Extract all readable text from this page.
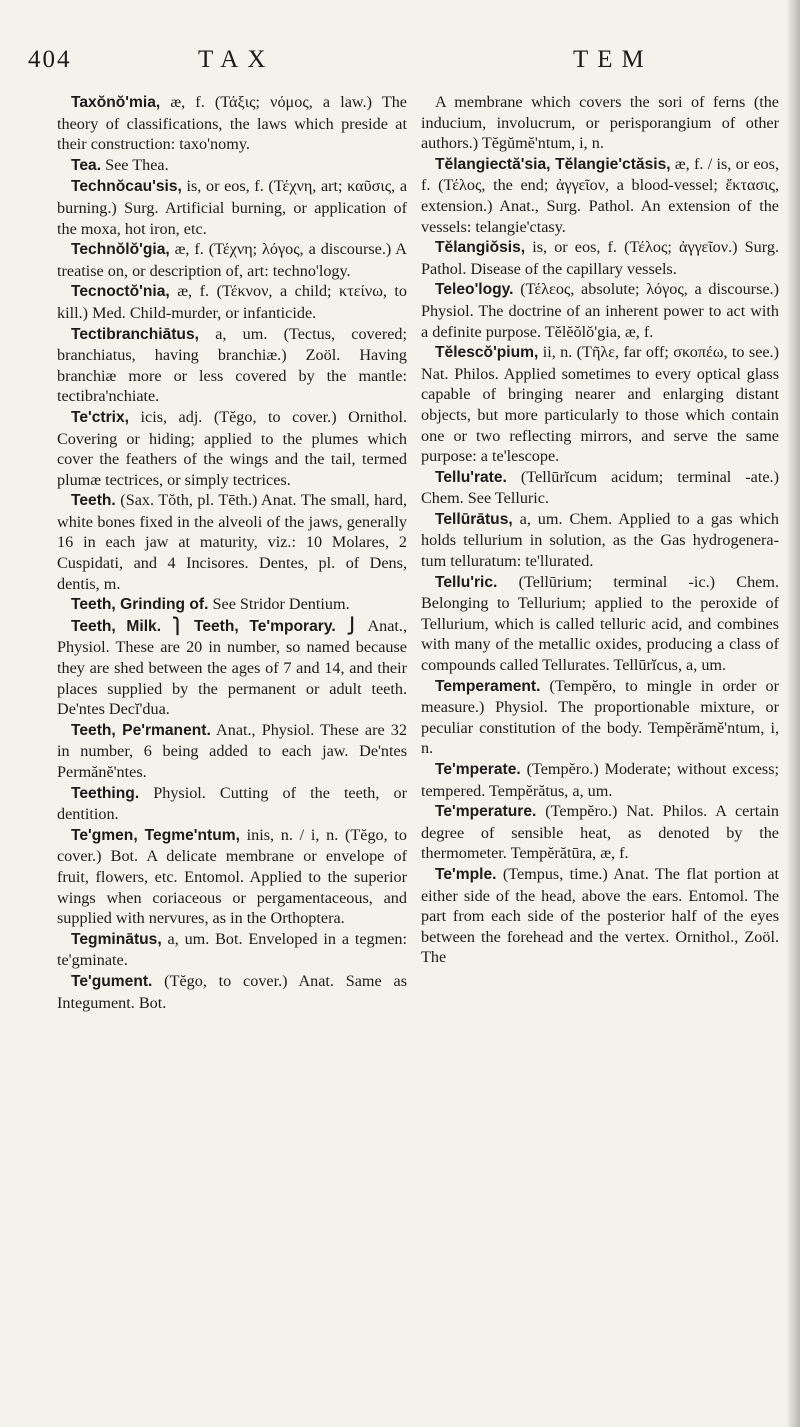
404	TAX	TEM

Taxŏnŏ'mia, æ, f. (Τάξις; νόμος, a law.) The theory of classifications, the laws which preside at their construction: taxo'nomy.

Tea. See Thea.

Technŏcau'sis, is, or eos, f. (Τέχνη, art; καῦσις, a burning.) Surg. Artificial burning, or application of the moxa, hot iron, etc.

Technŏlŏ'gia, æ, f. (Τέχνη; λόγος, a discourse.) A treatise on, or description of, art: techno'logy.

Tecnoctŏ'nia, æ, f. (Τέκνον, a child; κτείνω, to kill.) Med. Child-murder, or infanticide.

Tectibranchiātus, a, um. (Tectus, covered; branchiatus, having branchiæ.) Zoöl. Having branchiæ more or less covered by the mantle: tectibra'nchiate.

Te'ctrix, icis, adj. (Tĕgo, to cover.) Ornithol. Covering or hiding; applied to the plumes which cover the feathers of the wings and the tail, termed plumæ tectrices, or simply tectrices.

Teeth. (Sax. Tŏth, pl. Tēth.) Anat. The small, hard, white bones fixed in the alveoli of the jaws, generally 16 in each jaw at maturity, viz.: 10 Molares, 2 Cuspidati, and 4 Incisores. Dentes, pl. of Dens, dentis, m.

Teeth, Grinding of. See Stridor Dentium.

Teeth, Milk. ⎫ Teeth, Te'mporary. ⎭ Anat., Physiol. These are 20 in number, so named because they are shed between the ages of 7 and 14, and their places supplied by the permanent or adult teeth. De'ntes Decĭ'dua.

Teeth, Pe'rmanent. Anat., Physiol. These are 32 in number, 6 being added to each jaw. De'ntes Permănĕ'ntes.

Teething. Physiol. Cutting of the teeth, or dentition.

Te'gmen, Tegme'ntum, inis, n. / i, n. (Tĕgo, to cover.) Bot. A delicate membrane or envelope of fruit, flowers, etc. Entomol. Applied to the superior wings when coriaceous or pergamentaceous, and supplied with nervures, as in the Orthoptera.

Tegminātus, a, um. Bot. Enveloped in a tegmen: te'gminate.

Te'gument. (Tĕgo, to cover.) Anat. Same as Integument. Bot.

A membrane which covers the sori of ferns (the inducium, involucrum, or perisporangium of other authors.) Tĕgŭmĕ'ntum, i, n.

Tĕlangiectă'sia, Tĕlangie'ctăsis, æ, f. / is, or eos, f. (Τέλος, the end; ἀγγεῖον, a blood-vessel; ἔκτασις, extension.) Anat., Surg. Pathol. An extension of the vessels: telangie'ctasy.

Tĕlangiŏsis, is, or eos, f. (Τέλος; ἀγγεῖον.) Surg. Pathol. Disease of the capillary vessels.

Teleo'logy. (Τέλεος, absolute; λόγος, a discourse.) Physiol. The doctrine of an inherent power to act with a definite purpose. Tĕlĕŏlŏ'gia, æ, f.

Tĕlescŏ'pium, ii, n. (Τῆλε, far off; σκοπέω, to see.) Nat. Philos. Applied sometimes to every optical glass capable of bringing nearer and enlarging distant objects, but more particularly to those which contain one or two reflecting mirrors, and serve the same purpose: a te'lescope.

Tellu'rate. (Tellūrĭcum acidum; terminal -ate.) Chem. See Telluric.

Tellūrātus, a, um. Chem. Applied to a gas which holds tellurium in solution, as the Gas hydrogenera-tum telluratum: te'llurated.

Tellu'ric. (Tellūrium; terminal -ic.) Chem. Belonging to Tellurium; applied to the peroxide of Tellurium, which is called telluric acid, and combines with many of the metallic oxides, producing a class of compounds called Tellurates. Tellūrĭcus, a, um.

Temperament. (Tempĕro, to mingle in order or measure.) Physiol. The proportionable mixture, or peculiar constitution of the body. Tempĕrămĕ'ntum, i, n.

Te'mperate. (Tempĕro.) Moderate; without excess; tempered. Tempĕrătus, a, um.

Te'mperature. (Tempĕro.) Nat. Philos. A certain degree of sensible heat, as denoted by the thermometer. Tempĕrătūra, æ, f.

Te'mple. (Tempus, time.) Anat. The flat portion at either side of the head, above the ears. Entomol. The part from each side of the posterior half of the eyes between the forehead and the vertex. Ornithol., Zoöl. The
